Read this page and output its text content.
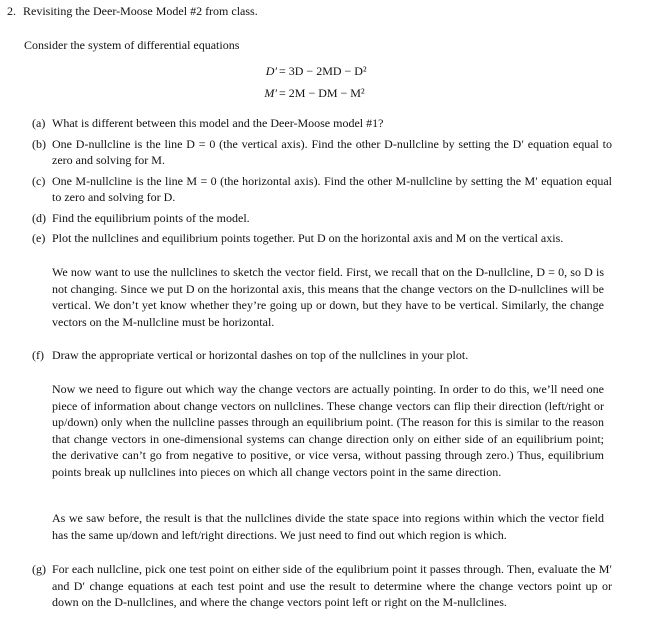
2. Revisiting the Deer-Moose Model #2 from class.
Consider the system of differential equations
D′ = 3D − 2MD − D²
M′ = 2M − DM − M²
(a) What is different between this model and the Deer-Moose model #1?
(b) One D-nullcline is the line D = 0 (the vertical axis). Find the other D-nullcline by setting the D′ equation equal to zero and solving for M.
(c) One M-nullcline is the line M = 0 (the horizontal axis). Find the other M-nullcline by setting the M′ equation equal to zero and solving for D.
(d) Find the equilibrium points of the model.
(e) Plot the nullclines and equilibrium points together. Put D on the horizontal axis and M on the vertical axis.
We now want to use the nullclines to sketch the vector field. First, we recall that on the D-nullcline, D = 0, so D is not changing. Since we put D on the horizontal axis, this means that the change vectors on the D-nullclines will be vertical. We don’t yet know whether they’re going up or down, but they have to be vertical. Similarly, the change vectors on the M-nullcline must be horizontal.
(f) Draw the appropriate vertical or horizontal dashes on top of the nullclines in your plot.
Now we need to figure out which way the change vectors are actually pointing. In order to do this, we’ll need one piece of information about change vectors on nullclines. These change vectors can flip their direction (left/right or up/down) only when the nullcline passes through an equilibrium point. (The reason for this is similar to the reason that change vectors in one-dimensional systems can change direction only on either side of an equilibrium point; the derivative can’t go from negative to positive, or vice versa, without passing through zero.) Thus, equilibrium points break up nullclines into pieces on which all change vectors point in the same direction.
As we saw before, the result is that the nullclines divide the state space into regions within which the vector field has the same up/down and left/right directions. We just need to find out which region is which.
(g) For each nullcline, pick one test point on either side of the equlibrium point it passes through. Then, evaluate the M′ and D′ change equations at each test point and use the result to determine where the change vectors point up or down on the D-nullclines, and where the change vectors point left or right on the M-nullclines.
